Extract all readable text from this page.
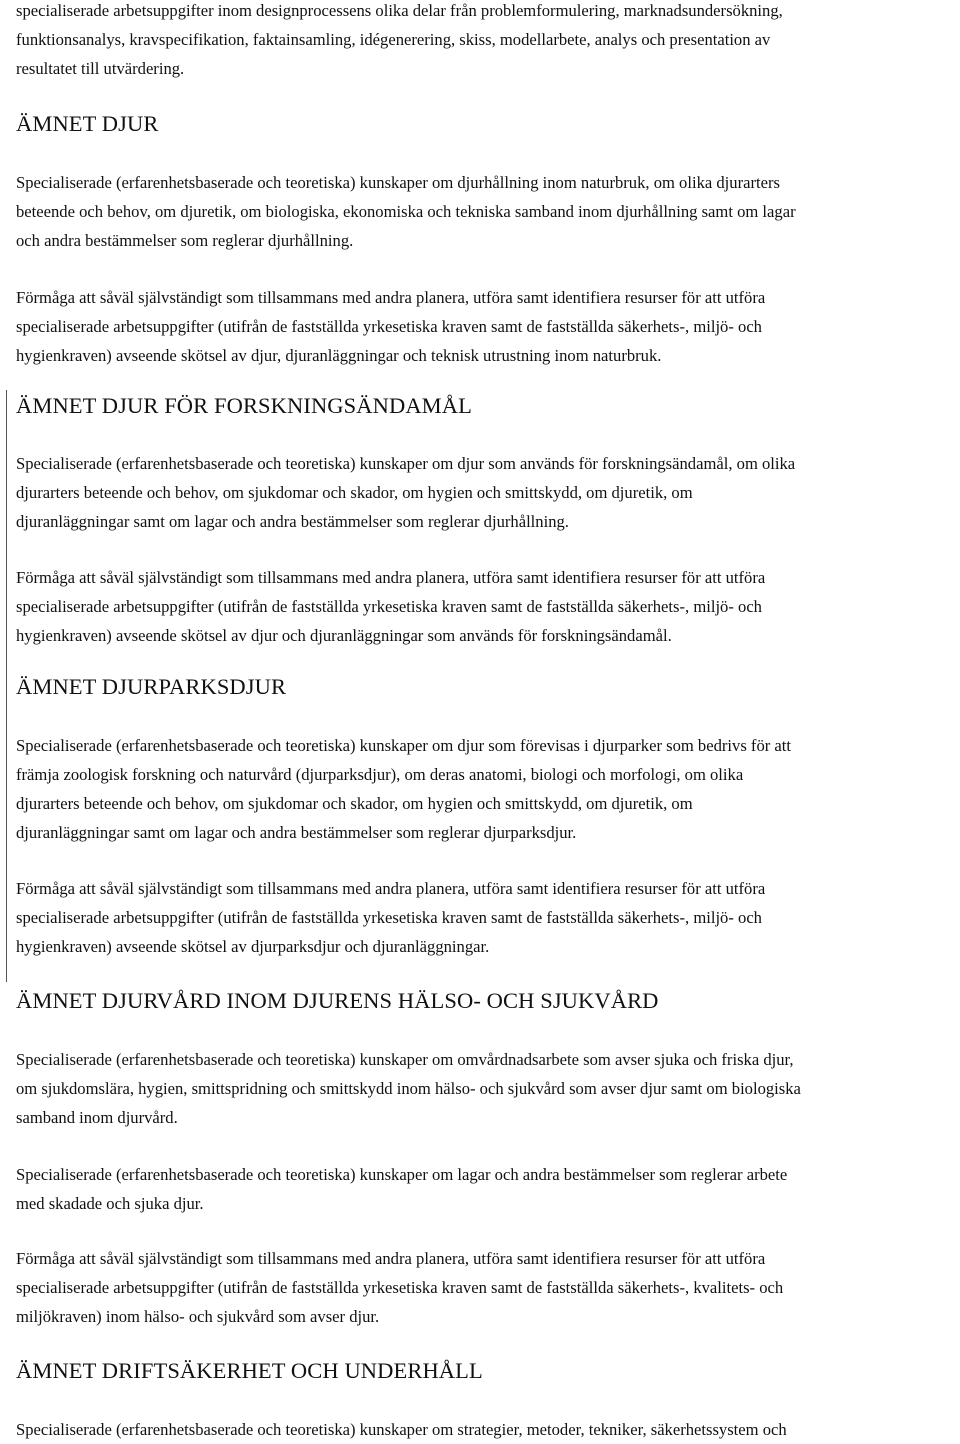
specialiserade arbetsuppgifter inom designprocessens olika delar från problemformulering, marknadsundersökning,
funktionsanalys, kravspecifikation, faktainsamling, idégenerering, skiss, modellarbete, analys och presentation av
resultatet till utvärdering.

ÄMNET DJUR

Specialiserade (erfarenhetsbaserade och teoretiska) kunskaper om djurhållning inom naturbruk, om olika djurarters
beteende och behov, om djuretik, om biologiska, ekonomiska och tekniska samband inom djurhållning samt om lagar
och andra bestämmelser som reglerar djurhållning.

Förmåga att såväl självständigt som tillsammans med andra planera, utföra samt identifiera resurser för att utföra
specialiserade arbetsuppgifter (utifrån de fastställda yrkesetiska kraven samt de fastställda säkerhets-, miljö- och
hygienkraven) avseende skötsel av djur, djuranläggningar och teknisk utrustning inom naturbruk.

ÄMNET DJUR FÖR FORSKNINGSÄNDAMÅL

Specialiserade (erfarenhetsbaserade och teoretiska) kunskaper om djur som används för forskningsändamål, om olika
djurarters beteende och behov, om sjukdomar och skador, om hygien och smittskydd, om djuretik, om
djuranläggningar samt om lagar och andra bestämmelser som reglerar djurhållning.

Förmåga att såväl självständigt som tillsammans med andra planera, utföra samt identifiera resurser för att utföra
specialiserade arbetsuppgifter (utifrån de fastställda yrkesetiska kraven samt de fastställda säkerhets-, miljö- och
hygienkraven) avseende skötsel av djur och djuranläggningar som används för forskningsändamål.

ÄMNET DJURPARKSDJUR

Specialiserade (erfarenhetsbaserade och teoretiska) kunskaper om djur som förevisas i djurparker som bedrivs för att
främja zoologisk forskning och naturvård (djurparksdjur), om deras anatomi, biologi och morfologi, om olika
djurarters beteende och behov, om sjukdomar och skador, om hygien och smittskydd, om djuretik, om
djuranläggningar samt om lagar och andra bestämmelser som reglerar djurparksdjur.

Förmåga att såväl självständigt som tillsammans med andra planera, utföra samt identifiera resurser för att utföra
specialiserade arbetsuppgifter (utifrån de fastställda yrkesetiska kraven samt de fastställda säkerhets-, miljö- och
hygienkraven) avseende skötsel av djurparksdjur och djuranläggningar.

ÄMNET DJURVÅRD INOM DJURENS HÄLSO- OCH SJUKVÅRD

Specialiserade (erfarenhetsbaserade och teoretiska) kunskaper om omvårdnadsarbete som avser sjuka och friska djur,
om sjukdomslära, hygien, smittspridning och smittskydd inom hälso- och sjukvård som avser djur samt om biologiska
samband inom djurvård.

Specialiserade (erfarenhetsbaserade och teoretiska) kunskaper om lagar och andra bestämmelser som reglerar arbete
med skadade och sjuka djur.

Förmåga att såväl självständigt som tillsammans med andra planera, utföra samt identifiera resurser för att utföra
specialiserade arbetsuppgifter (utifrån de fastställda yrkesetiska kraven samt de fastställda säkerhets-, kvalitets- och
miljökraven) inom hälso- och sjukvård som avser djur.

ÄMNET DRIFTSÄKERHET OCH UNDERHÅLL

Specialiserade (erfarenhetsbaserade och teoretiska) kunskaper om strategier, metoder, tekniker, säkerhetssystem och
